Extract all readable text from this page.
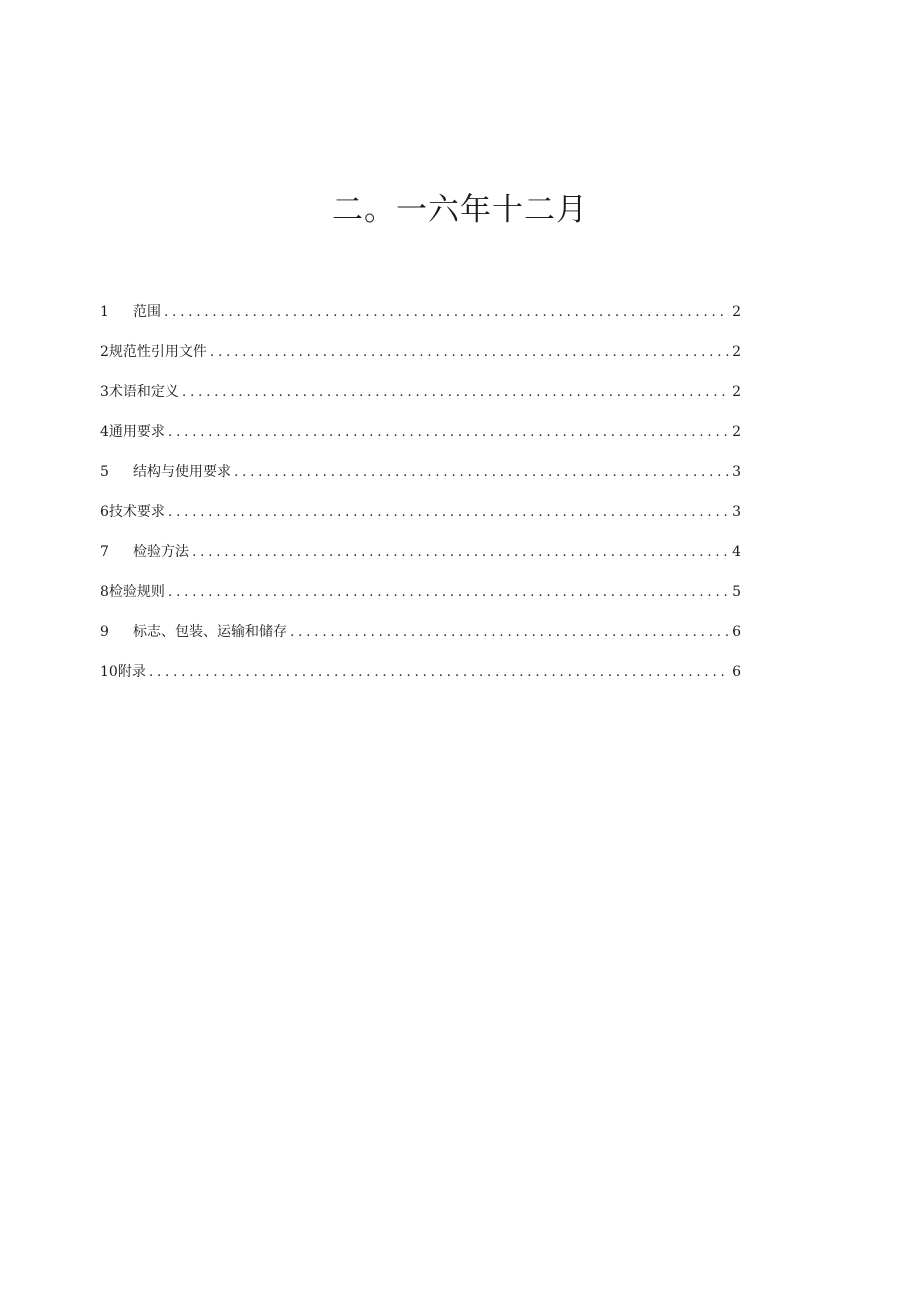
二。一六年十二月
1	范围 .....	2
2 规范性引用文件 .....	2
3 术语和定义 .....	2
4 通用要求 .....	2
5	结构与使用要求 .....	3
6 技术要求 .....	3
7	检验方法 .....	4
8 检验规则 .....	5
9	标志、包装、运输和储存 .....	6
10 附录 .....	6
